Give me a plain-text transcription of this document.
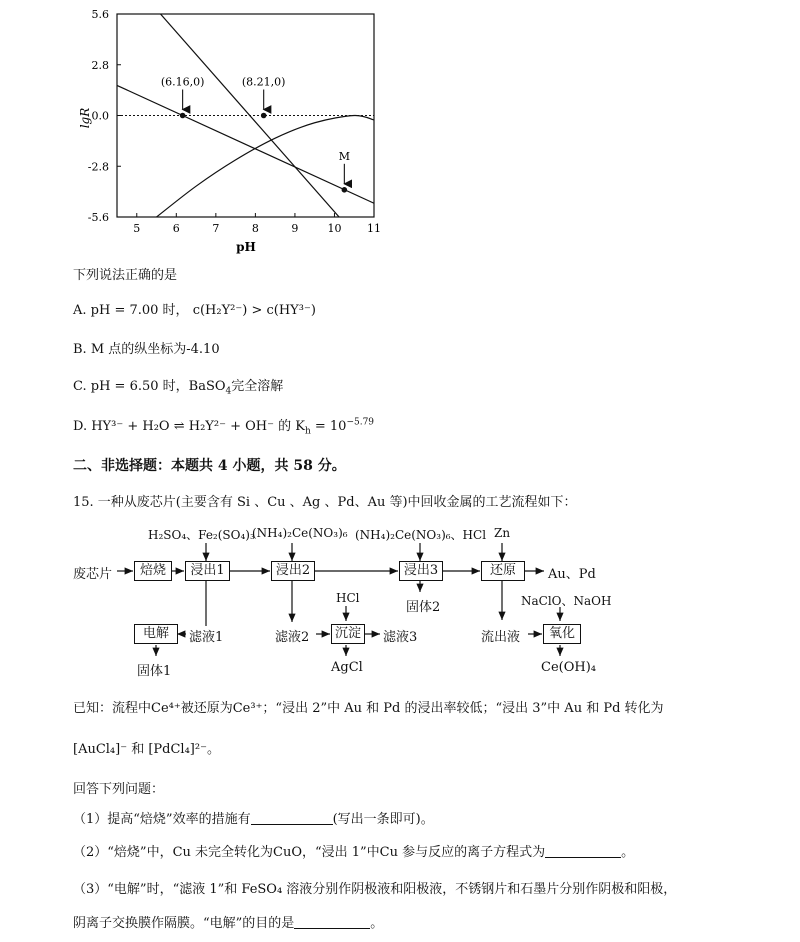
5.6
2.8
0.0
-2.8
-5.6
5	6	7	8	9	10 11
(6.16,0)	(8.21,0)
M
lgR
pH
下列说法正确的是
A. pH = 7.00 时， c(H₂Y²⁻) > c(HY³⁻)
B. M 点的纵坐标为-4.10
C. pH = 6.50 时，BaSO$_4$完全溶解
D. HY³⁻ + H₂O ⇌ H₂Y²⁻ + OH⁻ 的 $K_h = 10^{-5.79}$
二、非选择题：本题共 4 小题，共 58 分。
15. 一种从废芯片(主要含有 Si 、Cu 、Ag 、Pd、Au 等)中回收金属的工艺流程如下：
废芯片	焙烧	浸出1	浸出2	浸出3	还原
电解	沉淀	氧化
H₂SO₄、Fe₂(SO₄)₃
(NH₄)₂Ce(NO₃)₆ (NH₄)₂Ce(NO₃)₆、HCl Zn
HCl	NaClO、NaOH
Au、Pd
固体2
滤液1	滤液2	滤液3	流出液
固体1	AgCl	Ce(OH)₄
已知：流程中Ce⁴⁺被还原为Ce³⁺；“浸出 2”中 Au 和 Pd 的浸出率较低；“浸出 3”中 Au 和 Pd 转化为
[AuCl₄]⁻ 和 [PdCl₄]²⁻。
回答下列问题：
（1）提高“焙烧”效率的措施有	(写出一条即可)。
（2）“焙烧”中，Cu 未完全转化为CuO，“浸出 1”中Cu 参与反应的离子方程式为	。
（3）“电解”时，“滤液 1”和 FeSO₄ 溶液分别作阴极液和阳极液，不锈钢片和石墨片分别作阴极和阳极，
阴离子交换膜作隔膜。“电解”的目的是	。
